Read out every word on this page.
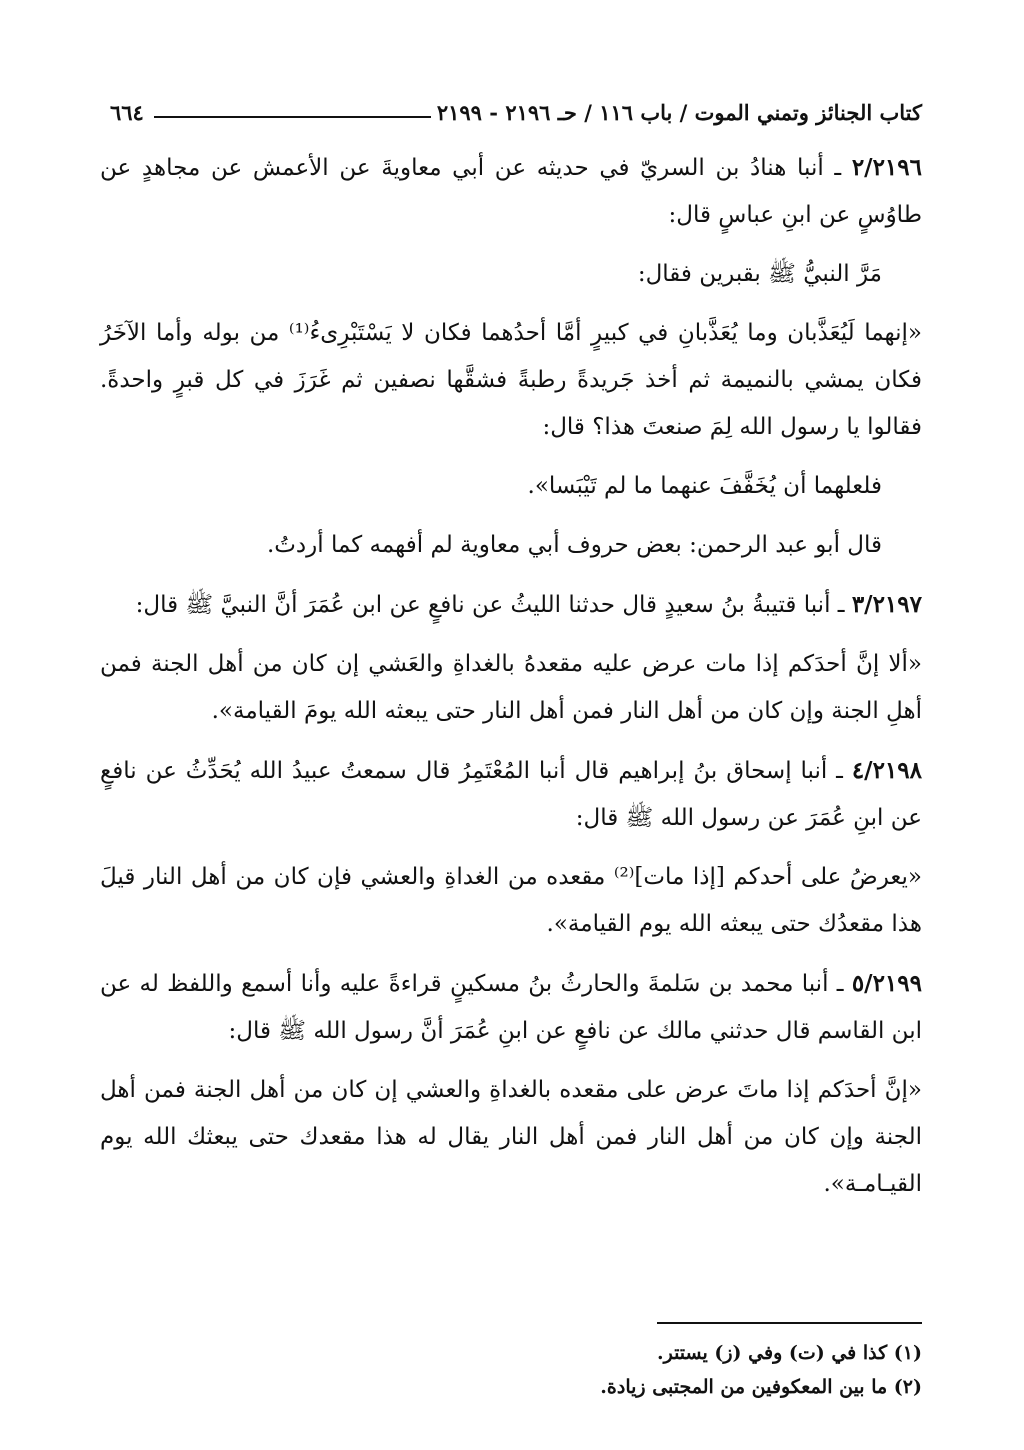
كتاب الجنائز وتمني الموت / باب ١١٦ / حـ ٢١٩٦ - ٢١٩٩
٦٦٤

٢/٢١٩٦ ـ أنبا هنادُ بن السريّ في حديثه عن أبي معاويةَ عن الأعمش عن مجاهدٍ عن طاوُسٍ عن ابنِ عباسٍ قال:

مَرَّ النبيُّ ﷺ بقبرين فقال:

«إنهما لَيُعَذَّبان وما يُعَذَّبانِ في كبيرٍ أمَّا أحدُهما فكان لا يَسْتَبْرِىءُ⁽¹⁾ من بوله وأما الآخَرُ فكان يمشي بالنميمة ثم أخذ جَريدةً رطبةً فشقَّها نصفين ثم غَرَزَ في كل قبرٍ واحدةً. فقالوا يا رسول الله لِمَ صنعتَ هذا؟ قال:

فلعلهما أن يُخَفَّفَ عنهما ما لم تَيْبَسا».

قال أبو عبد الرحمن: بعض حروف أبي معاوية لم أفهمه كما أردتُ.

٣/٢١٩٧ ـ أنبا قتيبةُ بنُ سعيدٍ قال حدثنا الليثُ عن نافعٍ عن ابن عُمَرَ أنَّ النبيَّ ﷺ قال:

«ألا إنَّ أحدَكم إذا مات عرض عليه مقعدهُ بالغداةِ والعَشي إن كان من أهل الجنة فمن أهلِ الجنة وإن كان من أهل النار فمن أهل النار حتى يبعثه الله يومَ القيامة».

٤/٢١٩٨ ـ أنبا إسحاق بنُ إبراهيم قال أنبا المُعْتَمِرُ قال سمعتُ عبيدُ الله يُحَدِّثُ عن نافعٍ عن ابنِ عُمَرَ عن رسول الله ﷺ قال:

«يعرضُ على أحدكم [إذا مات]⁽²⁾ مقعده من الغداةِ والعشي فإن كان من أهل النار قيلَ هذا مقعدُك حتى يبعثه الله يوم القيامة».

٥/٢١٩٩ ـ أنبا محمد بن سَلمةَ والحارثُ بنُ مسكينٍ قراءةً عليه وأنا أسمع واللفظ له عن ابن القاسم قال حدثني مالك عن نافعٍ عن ابنِ عُمَرَ أنَّ رسول الله ﷺ قال:

«إنَّ أحدَكم إذا ماتَ عرض على مقعده بالغداةِ والعشي إن كان من أهل الجنة فمن أهل الجنة وإن كان من أهل النار فمن أهل النار يقال له هذا مقعدك حتى يبعثك الله يوم القيـامـة».

(١) كذا في (ت) وفي (ز) يستتر.
(٢) ما بين المعكوفين من المجتبى زيادة.
